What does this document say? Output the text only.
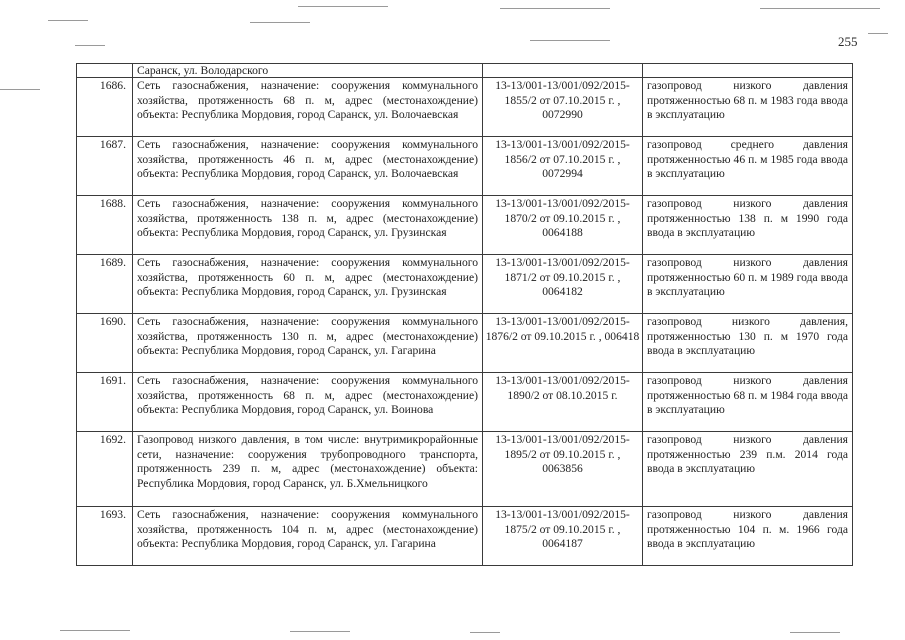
255
	Саранск, ул. Володарского		
1686.	Сеть газоснабжения, назначение: сооружения коммунального хозяйства, протяженность 68 п. м, адрес (местонахождение) объекта: Республика Мордовия, город Саранск, ул. Волочаевская	13-13/001-13/001/092/2015-1855/2 от 07.10.2015 г. , 0072990	газопровод низкого давления протяженностью 68 п. м 1983 года ввода в эксплуатацию
1687.	Сеть газоснабжения, назначение: сооружения коммунального хозяйства, протяженность 46 п. м, адрес (местонахождение) объекта: Республика Мордовия, город Саранск, ул. Волочаевская	13-13/001-13/001/092/2015-1856/2 от 07.10.2015 г. , 0072994	газопровод среднего давления протяженностью 46 п. м 1985 года ввода в эксплуатацию
1688.	Сеть газоснабжения, назначение: сооружения коммунального хозяйства, протяженность 138 п. м, адрес (местонахождение) объекта: Республика Мордовия, город Саранск, ул. Грузинская	13-13/001-13/001/092/2015-1870/2 от 09.10.2015 г. , 0064188	газопровод низкого давления протяженностью 138 п. м 1990 года ввода в эксплуатацию
1689.	Сеть газоснабжения, назначение: сооружения коммунального хозяйства, протяженность 60 п. м, адрес (местонахождение) объекта: Республика Мордовия, город Саранск, ул. Грузинская	13-13/001-13/001/092/2015-1871/2 от 09.10.2015 г. , 0064182	газопровод низкого давления протяженностью 60 п. м 1989 года ввода в эксплуатацию
1690.	Сеть газоснабжения, назначение: сооружения коммунального хозяйства, протяженность 130 п. м, адрес (местонахождение) объекта: Республика Мордовия, город Саранск, ул. Гагарина	13-13/001-13/001/092/2015-1876/2 от 09.10.2015 г. , 006418	газопровод низкого давления, протяженностью 130 п. м 1970 года ввода в эксплуатацию
1691.	Сеть газоснабжения, назначение: сооружения коммунального хозяйства, протяженность 68 п. м, адрес (местонахождение) объекта: Республика Мордовия, город Саранск, ул. Воинова	13-13/001-13/001/092/2015-1890/2 от 08.10.2015 г.	газопровод низкого давления протяженностью 68 п. м 1984 года ввода в эксплуатацию
1692.	Газопровод низкого давления, в том числе: внутримикрорайонные сети, назначение: сооружения трубопроводного транспорта, протяженность 239 п. м, адрес (местонахождение) объекта: Республика Мордовия, город Саранск, ул. Б.Хмельницкого	13-13/001-13/001/092/2015-1895/2 от 09.10.2015 г. , 0063856	газопровод низкого давления протяженностью 239 п.м. 2014 года ввода в эксплуатацию
1693.	Сеть газоснабжения, назначение: сооружения коммунального хозяйства, протяженность 104 п. м, адрес (местонахождение) объекта: Республика Мордовия, город Саранск, ул. Гагарина	13-13/001-13/001/092/2015-1875/2 от 09.10.2015 г. , 0064187	газопровод низкого давления протяженностью 104 п. м. 1966 года ввода в эксплуатацию
